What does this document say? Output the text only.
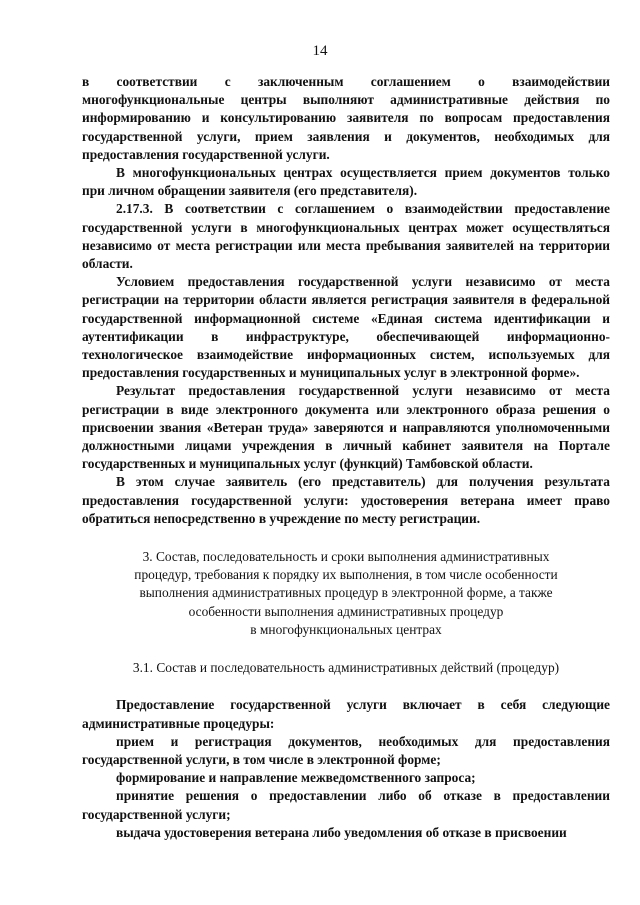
14

в соответствии с заключенным соглашением о взаимодействии многофункциональные центры выполняют административные действия по информированию и консультированию заявителя по вопросам предоставления государственной услуги, прием заявления и документов, необходимых для предоставления государственной услуги.

В многофункциональных центрах осуществляется прием документов только при личном обращении заявителя (его представителя).

2.17.3. В соответствии с соглашением о взаимодействии предоставление государственной услуги в многофункциональных центрах может осуществляться независимо от места регистрации или места пребывания заявителей на территории области.

Условием предоставления государственной услуги независимо от места регистрации на территории области является регистрация заявителя в федеральной государственной информационной системе «Единая система идентификации и аутентификации в инфраструктуре, обеспечивающей информационно-технологическое взаимодействие информационных систем, используемых для предоставления государственных и муниципальных услуг в электронной форме».

Результат предоставления государственной услуги независимо от места регистрации в виде электронного документа или электронного образа решения о присвоении звания «Ветеран труда» заверяются и направляются уполномоченными должностными лицами учреждения в личный кабинет заявителя на Портале государственных и муниципальных услуг (функций) Тамбовской области.

В этом случае заявитель (его представитель) для получения результата предоставления государственной услуги: удостоверения ветерана имеет право обратиться непосредственно в учреждение по месту регистрации.

3. Состав, последовательность и сроки выполнения административных

процедур, требования к порядку их выполнения, в том числе особенности

выполнения административных процедур в электронной форме, а также

особенности выполнения административных процедур

в многофункциональных центрах

3.1. Состав и последовательность административных действий (процедур)

Предоставление государственной услуги включает в себя следующие административные процедуры:

прием и регистрация документов, необходимых для предоставления государственной услуги, в том числе в электронной форме;

формирование и направление межведомственного запроса;

принятие решения о предоставлении либо об отказе в предоставлении государственной услуги;

выдача удостоверения ветерана либо уведомления об отказе в присвоении
